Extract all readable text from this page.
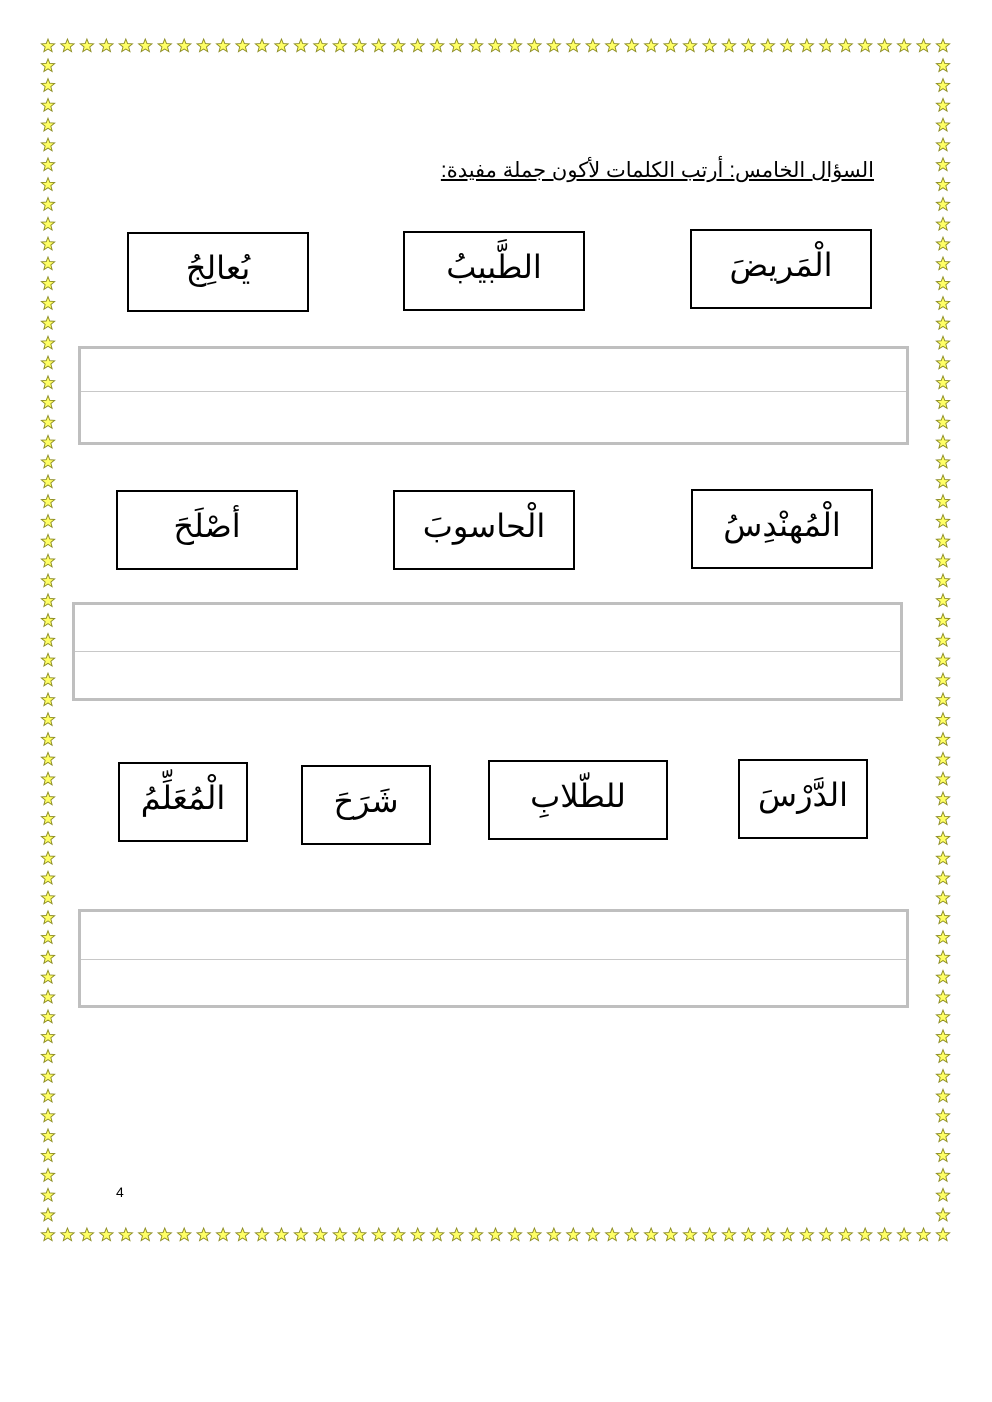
السؤال الخامس: أرتب الكلمات لأكون جملة مفيدة:
الْمَريضَ
الطَّبيبُ
يُعالِجُ
الْمُهنْدِسُ
الْحاسوبَ
أصْلَحَ
الدَّرْسَ
للطّلابِ
شَرَحَ
الْمُعَلِّمُ
4
